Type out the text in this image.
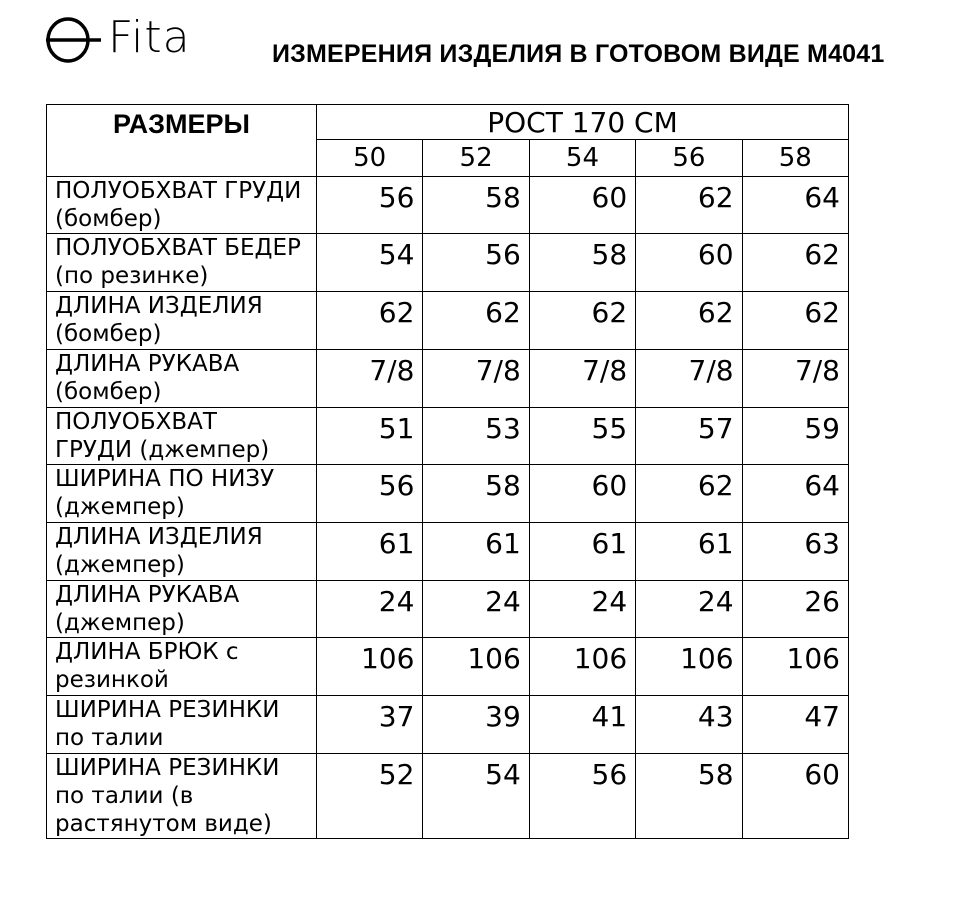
Fita	ИЗМЕРЕНИЯ ИЗДЕЛИЯ В ГОТОВОМ ВИДЕ M4041
РАЗМЕРЫ	РОСТ 170 СМ				
	50	52	54	56	58

ПОЛУОБХВАТ ГРУДИ
(бомбер)	56	58	60	62	64

ПОЛУОБХВАТ БЕДЕР
(по резинке)	54	56	58	60	62

ДЛИНА ИЗДЕЛИЯ
(бомбер)	62	62	62	62	62

ДЛИНА РУКАВА
(бомбер)	7/8	7/8	7/8	7/8	7/8

ПОЛУОБХВАТ
ГРУДИ (джемпер)	51	53	55	57	59

ШИРИНА ПО НИЗУ
(джемпер)	56	58	60	62	64

ДЛИНА ИЗДЕЛИЯ
(джемпер)	61	61	61	61	63

ДЛИНА РУКАВА
(джемпер)	24	24	24	24	26

ДЛИНА БРЮК с
резинкой	106	106	106	106	106

ШИРИНА РЕЗИНКИ
по талии	37	39	41	43	47

ШИРИНА РЕЗИНКИ
по талии (в
растянутом виде)	52	54	56	58	60
